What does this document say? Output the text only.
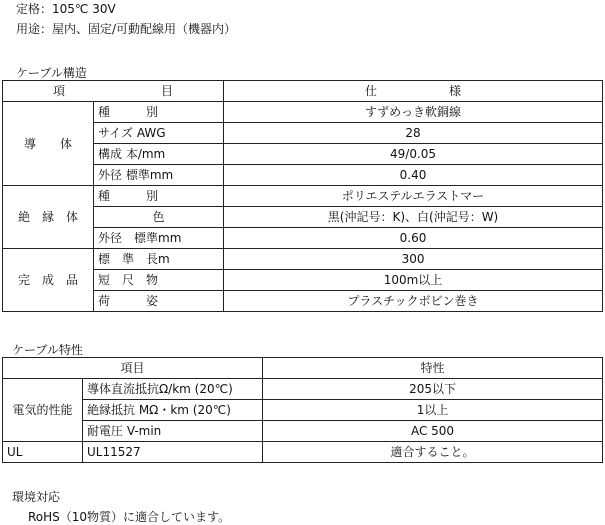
定格：105℃ 30V
用途：屋内、固定/可動配線用（機器内）
ケーブル構造
項　　　　　　　　目		仕　　　　　　様
導　　体	種　　　別	すずめっき軟銅線
	サイズ AWG	28
	構成 本/mm	49/0.05
	外径 標準mm	0.40
絶　縁　体	種　　　別	ポリエステルエラストマー
	色	黒(沖記号：K)、白(沖記号：W)
	外径　標準mm	0.60
完　成　品	標　準　長m	300
	短　尺　物	100m以上
	荷　　　姿	プラスチックボビン巻き
ケーブル特性
項目		特性
電気的性能	導体直流抵抗Ω/km (20℃)	205以下
	絶縁抵抗 MΩ・km (20℃)	1以上
	耐電圧 V-min	AC 500
UL	UL11527	適合すること。
環境対応
RoHS（10物質）に適合しています。
